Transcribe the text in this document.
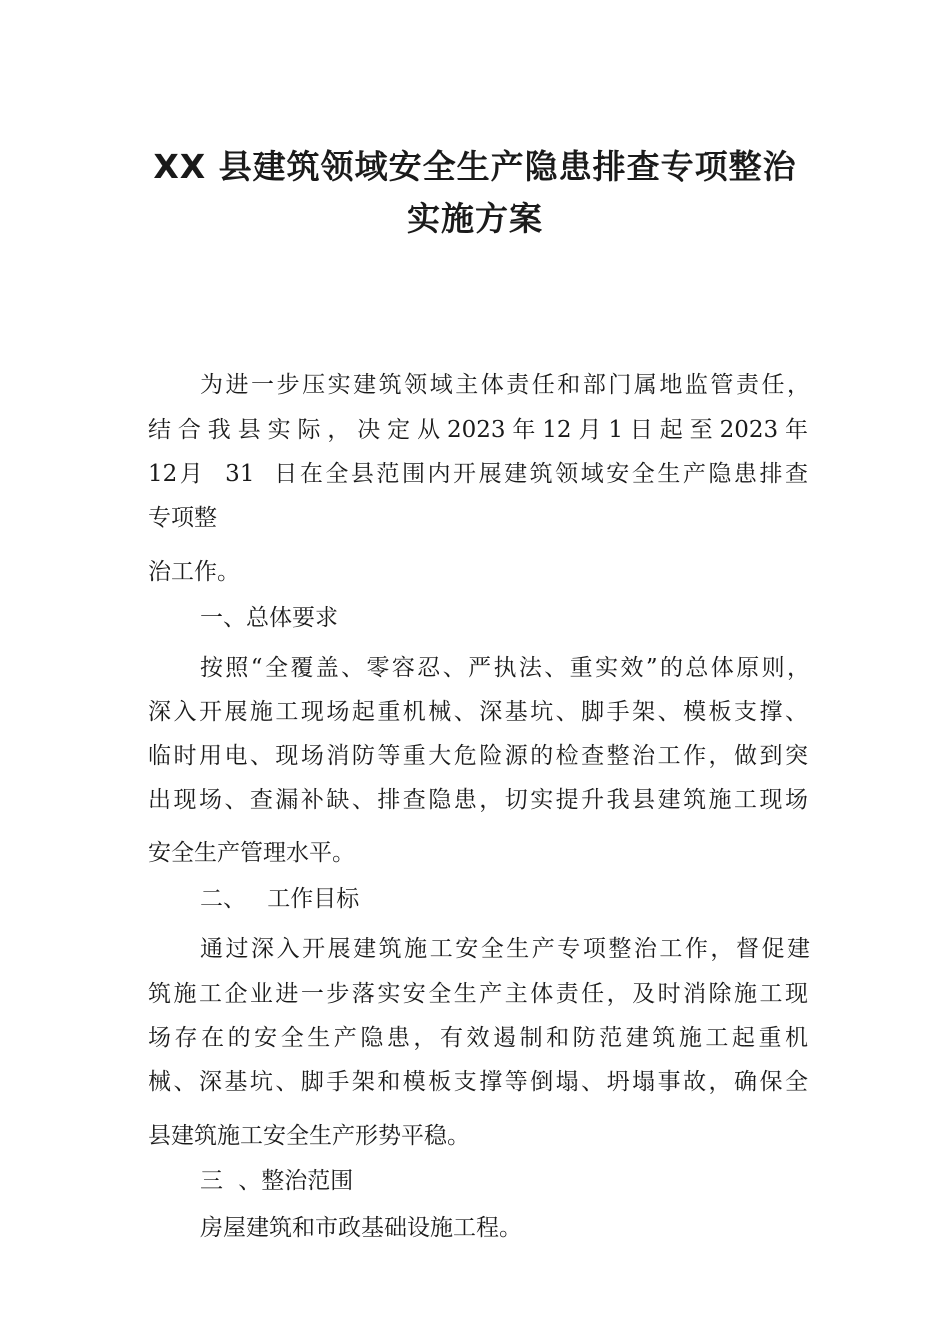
XX 县建筑领域安全生产隐患排查专项整治
实施方案
为进一步压实建筑领域主体责任和部门属地监管责任，
结合我县实际，决定从2023年12月1日起至2023年
12月 31 日在全县范围内开展建筑领域安全生产隐患排查
专项整
治工作。
一、总体要求
按照“全覆盖、零容忍、严执法、重实效”的总体原则，
深入开展施工现场起重机械、深基坑、脚手架、模板支撑、
临时用电、现场消防等重大危险源的检查整治工作，做到突
出现场、查漏补缺、排查隐患，切实提升我县建筑施工现场
安全生产管理水平。
二、 工作目标
通过深入开展建筑施工安全生产专项整治工作，督促建
筑施工企业进一步落实安全生产主体责任，及时消除施工现
场存在的安全生产隐患，有效遏制和防范建筑施工起重机
械、深基坑、脚手架和模板支撑等倒塌、坍塌事故，确保全
县建筑施工安全生产形势平稳。
三 、整治范围
房屋建筑和市政基础设施工程。
